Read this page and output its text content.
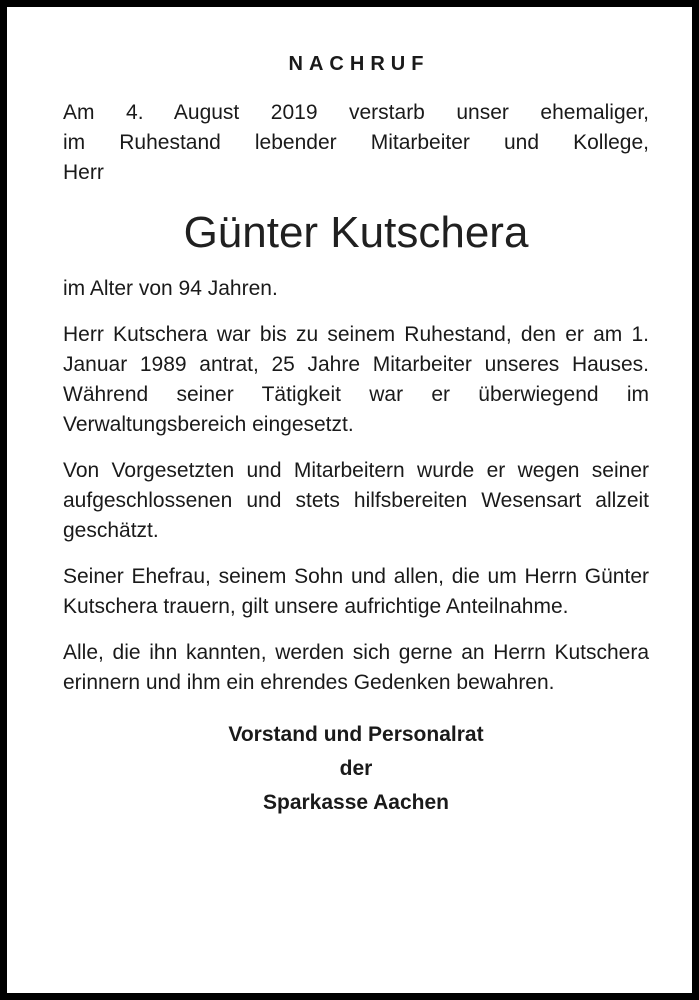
NACHRUF

Am 4. August 2019 verstarb unser ehemaliger,
im Ruhestand lebender Mitarbeiter und Kollege,
Herr

Günter Kutschera

im Alter von 94 Jahren.

Herr Kutschera war bis zu seinem Ruhestand, den er am 1. Januar 1989 antrat, 25 Jahre Mitarbeiter unseres Hauses. Während seiner Tätigkeit war er überwiegend im Verwaltungsbereich eingesetzt.

Von Vorgesetzten und Mitarbeitern wurde er wegen seiner aufgeschlossenen und stets hilfsbereiten Wesensart allzeit geschätzt.

Seiner Ehefrau, seinem Sohn und allen, die um Herrn Günter Kutschera trauern, gilt unsere aufrichtige Anteilnahme.

Alle, die ihn kannten, werden sich gerne an Herrn Kutschera erinnern und ihm ein ehrendes Gedenken bewahren.

Vorstand und Personalrat
der
Sparkasse Aachen
